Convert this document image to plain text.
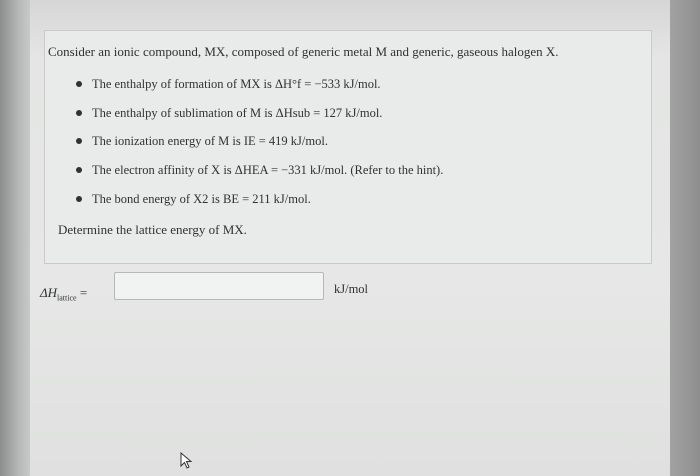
Consider an ionic compound, MX, composed of generic metal M and generic, gaseous halogen X.
The enthalpy of formation of MX is ΔH°f = −533 kJ/mol.
The enthalpy of sublimation of M is ΔHsub = 127 kJ/mol.
The ionization energy of M is IE = 419 kJ/mol.
The electron affinity of X is ΔHEA = −331 kJ/mol. (Refer to the hint).
The bond energy of X2 is BE = 211 kJ/mol.
Determine the lattice energy of MX.
$\Delta H_{lattice}$ =	kJ/mol
